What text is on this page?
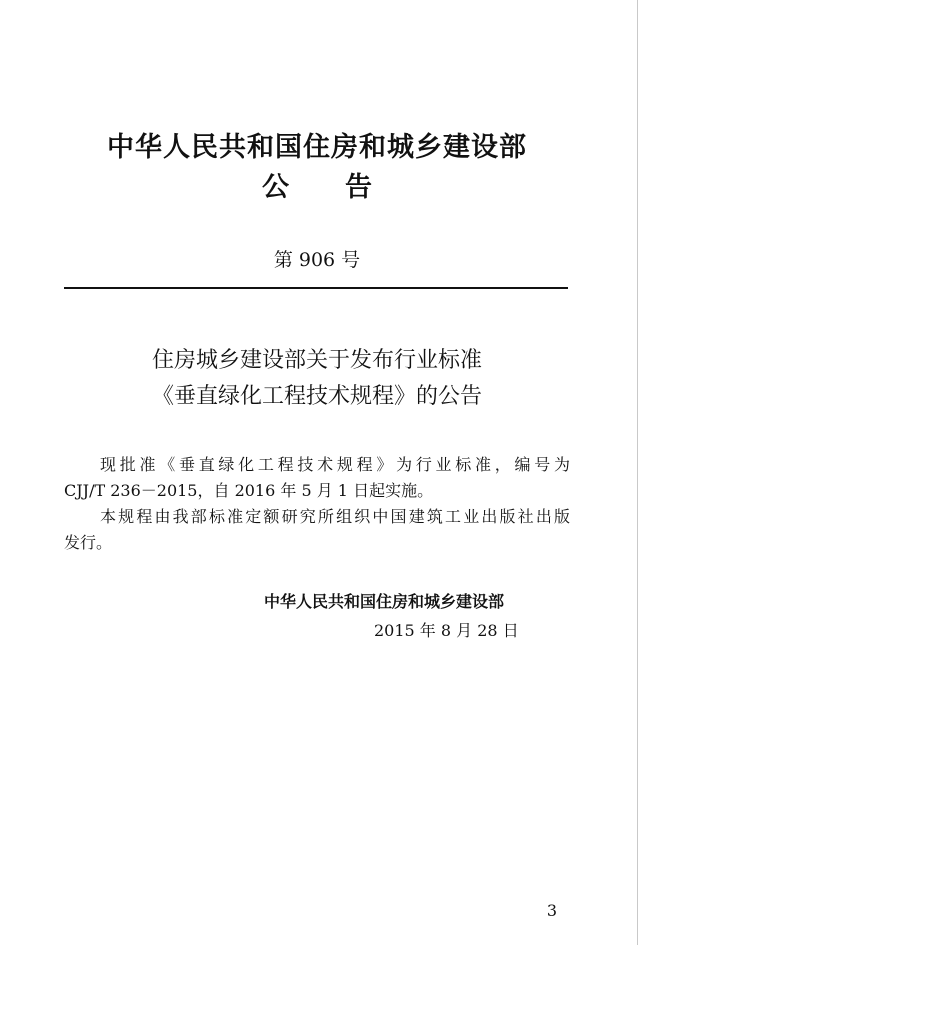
中华人民共和国住房和城乡建设部
公告
第 906 号
住房城乡建设部关于发布行业标准
《垂直绿化工程技术规程》的公告
现批准《垂直绿化工程技术规程》为行业标准，编号为
CJJ/T 236－2015，自 2016 年 5 月 1 日起实施。
本规程由我部标准定额研究所组织中国建筑工业出版社出版
发行。
中华人民共和国住房和城乡建设部
2015 年 8 月 28 日
3
